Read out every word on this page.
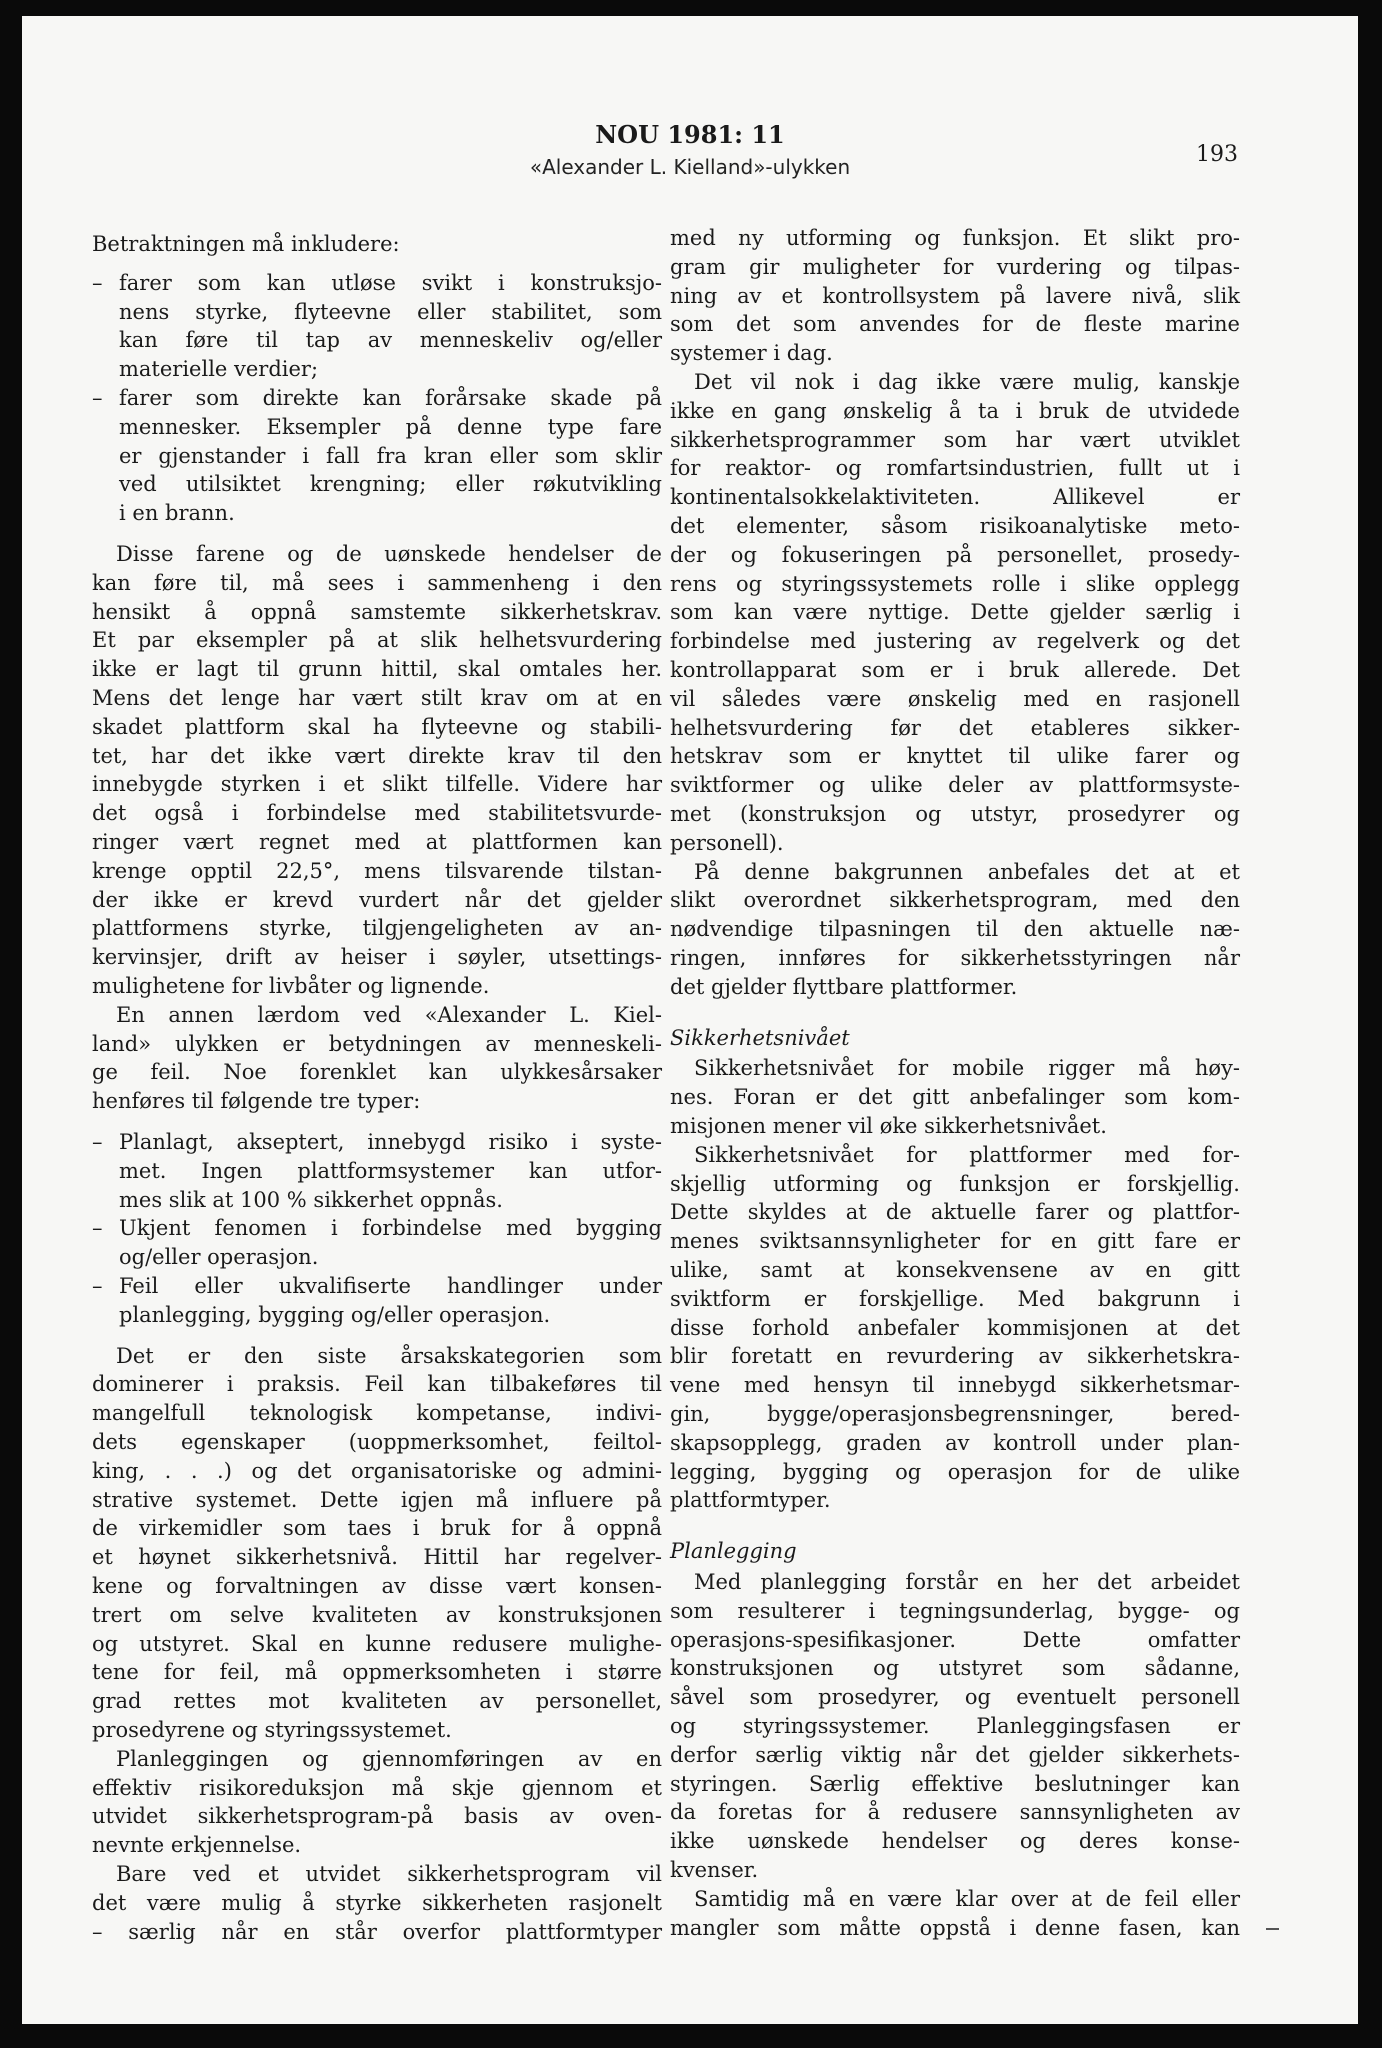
NOU 1981: 11
«Alexander L. Kielland»-ulykken	193
Betraktningen må inkludere:
– farer som kan utløse svikt i konstruksjo-
nens styrke, flyteevne eller stabilitet, som
kan føre til tap av menneskeliv og/eller
materielle verdier;
– farer som direkte kan forårsake skade på
mennesker. Eksempler på denne type fare
er gjenstander i fall fra kran eller som sklir
ved utilsiktet krengning; eller røkutvikling
i en brann.
Disse farene og de uønskede hendelser de
kan føre til, må sees i sammenheng i den
hensikt å oppnå samstemte sikkerhetskrav.
Et par eksempler på at slik helhetsvurdering
ikke er lagt til grunn hittil, skal omtales her.
Mens det lenge har vært stilt krav om at en
skadet plattform skal ha flyteevne og stabili-
tet, har det ikke vært direkte krav til den
innebygde styrken i et slikt tilfelle. Videre har
det også i forbindelse med stabilitetsvurde-
ringer vært regnet med at plattformen kan
krenge opptil 22,5°, mens tilsvarende tilstan-
der ikke er krevd vurdert når det gjelder
plattformens styrke, tilgjengeligheten av an-
kervinsjer, drift av heiser i søyler, utsettings-
mulighetene for livbåter og lignende.
En annen lærdom ved «Alexander L. Kiel-
land» ulykken er betydningen av menneskeli-
ge feil. Noe forenklet kan ulykkesårsaker
henføres til følgende tre typer:
– Planlagt, akseptert, innebygd risiko i syste-
met. Ingen plattformsystemer kan utfor-
mes slik at 100 % sikkerhet oppnås.
– Ukjent fenomen i forbindelse med bygging
og/eller operasjon.
– Feil eller ukvalifiserte handlinger under
planlegging, bygging og/eller operasjon.
Det er den siste årsakskategorien som
dominerer i praksis. Feil kan tilbakeføres til
mangelfull teknologisk kompetanse, indivi-
dets egenskaper (uoppmerksomhet, feiltol-
king, . . .) og det organisatoriske og admini-
strative systemet. Dette igjen må influere på
de virkemidler som taes i bruk for å oppnå
et høynet sikkerhetsnivå. Hittil har regelver-
kene og forvaltningen av disse vært konsen-
trert om selve kvaliteten av konstruksjonen
og utstyret. Skal en kunne redusere mulighe-
tene for feil, må oppmerksomheten i større
grad rettes mot kvaliteten av personellet,
prosedyrene og styringssystemet.
Planleggingen og gjennomføringen av en
effektiv risikoreduksjon må skje gjennom et
utvidet sikkerhetsprogram-på basis av oven-
nevnte erkjennelse.
Bare ved et utvidet sikkerhetsprogram vil
det være mulig å styrke sikkerheten rasjonelt
– særlig når en står overfor plattformtyper
med ny utforming og funksjon. Et slikt pro-
gram gir muligheter for vurdering og tilpas-
ning av et kontrollsystem på lavere nivå, slik
som det som anvendes for de fleste marine
systemer i dag.
Det vil nok i dag ikke være mulig, kanskje
ikke en gang ønskelig å ta i bruk de utvidede
sikkerhetsprogrammer som har vært utviklet
for reaktor- og romfartsindustrien, fullt ut i
kontinentalsokkelaktiviteten. Allikevel er
det elementer, såsom risikoanalytiske meto-
der og fokuseringen på personellet, prosedy-
rens og styringssystemets rolle i slike opplegg
som kan være nyttige. Dette gjelder særlig i
forbindelse med justering av regelverk og det
kontrollapparat som er i bruk allerede. Det
vil således være ønskelig med en rasjonell
helhetsvurdering før det etableres sikker-
hetskrav som er knyttet til ulike farer og
sviktformer og ulike deler av plattformsyste-
met (konstruksjon og utstyr, prosedyrer og
personell).
På denne bakgrunnen anbefales det at et
slikt overordnet sikkerhetsprogram, med den
nødvendige tilpasningen til den aktuelle næ-
ringen, innføres for sikkerhetsstyringen når
det gjelder flyttbare plattformer.
Sikkerhetsnivået
Sikkerhetsnivået for mobile rigger må høy-
nes. Foran er det gitt anbefalinger som kom-
misjonen mener vil øke sikkerhetsnivået.
Sikkerhetsnivået for plattformer med for-
skjellig utforming og funksjon er forskjellig.
Dette skyldes at de aktuelle farer og plattfor-
menes sviktsannsynligheter for en gitt fare er
ulike, samt at konsekvensene av en gitt
sviktform er forskjellige. Med bakgrunn i
disse forhold anbefaler kommisjonen at det
blir foretatt en revurdering av sikkerhetskra-
vene med hensyn til innebygd sikkerhetsmar-
gin, bygge/operasjonsbegrensninger, bered-
skapsopplegg, graden av kontroll under plan-
legging, bygging og operasjon for de ulike
plattformtyper.
Planlegging
Med planlegging forstår en her det arbeidet
som resulterer i tegningsunderlag, bygge- og
operasjons-spesifikasjoner. Dette omfatter
konstruksjonen og utstyret som sådanne,
såvel som prosedyrer, og eventuelt personell
og styringssystemer. Planleggingsfasen er
derfor særlig viktig når det gjelder sikkerhets-
styringen. Særlig effektive beslutninger kan
da foretas for å redusere sannsynligheten av
ikke uønskede hendelser og deres konse-
kvenser.
Samtidig må en være klar over at de feil eller
mangler som måtte oppstå i denne fasen, kan
